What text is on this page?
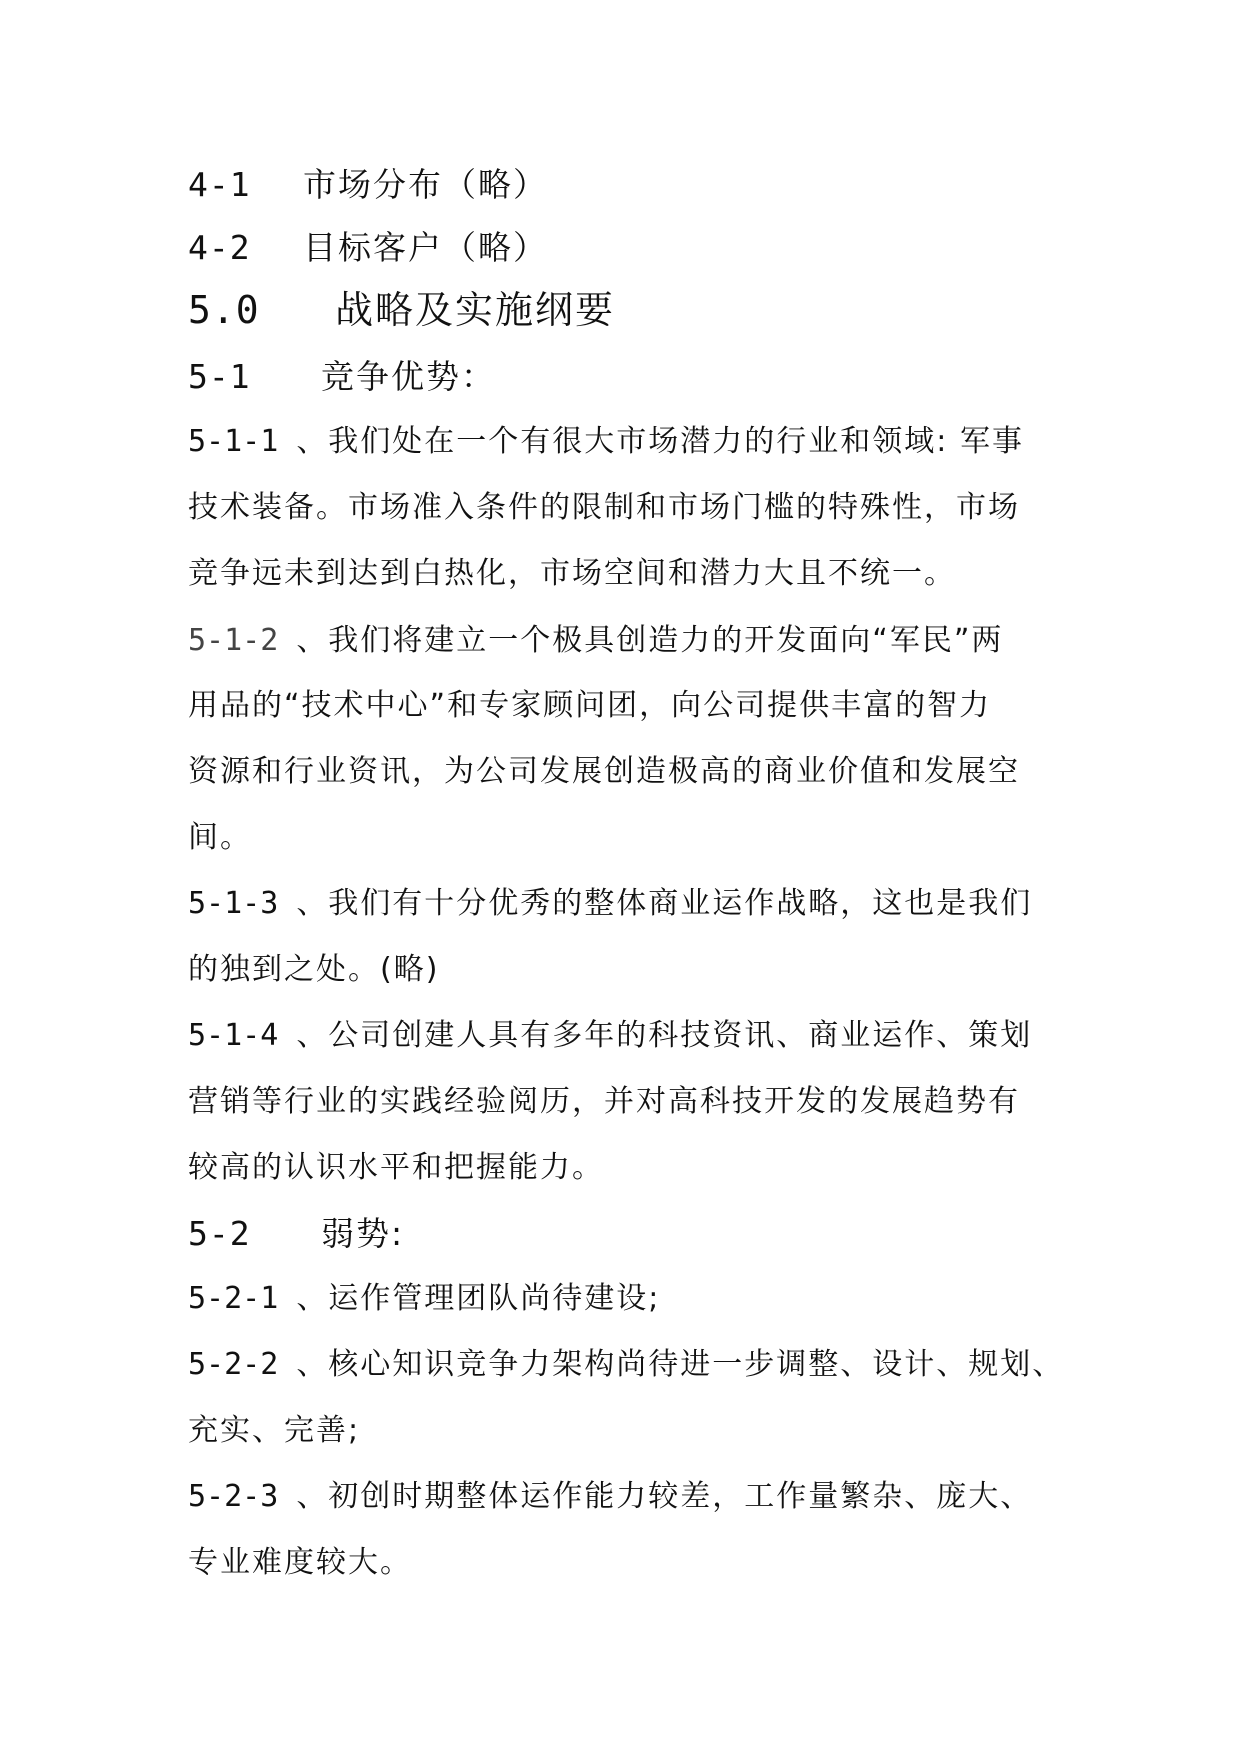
4-1 市场分布（略）

4-2 目标客户（略）

5.0 战略及实施纲要

5-1 竞争优势：

5-1-1 、我们处在一个有很大市场潜力的行业和领域: 军事

技术装备。市场准入条件的限制和市场门槛的特殊性，市场

竞争远未到达到白热化，市场空间和潜力大且不统一。

5-1-2 、我们将建立一个极具创造力的开发面向“军民”两

用品的“技术中心”和专家顾问团，向公司提供丰富的智力

资源和行业资讯，为公司发展创造极高的商业价值和发展空

间。

5-1-3 、我们有十分优秀的整体商业运作战略，这也是我们

的独到之处。(略)

5-1-4 、公司创建人具有多年的科技资讯、商业运作、策划

营销等行业的实践经验阅历，并对高科技开发的发展趋势有

较高的认识水平和把握能力。

5-2 弱势:

5-2-1 、运作管理团队尚待建设;

5-2-2 、核心知识竞争力架构尚待进一步调整、设计、规划、

充实、完善;

5-2-3 、初创时期整体运作能力较差，工作量繁杂、庞大、

专业难度较大。
